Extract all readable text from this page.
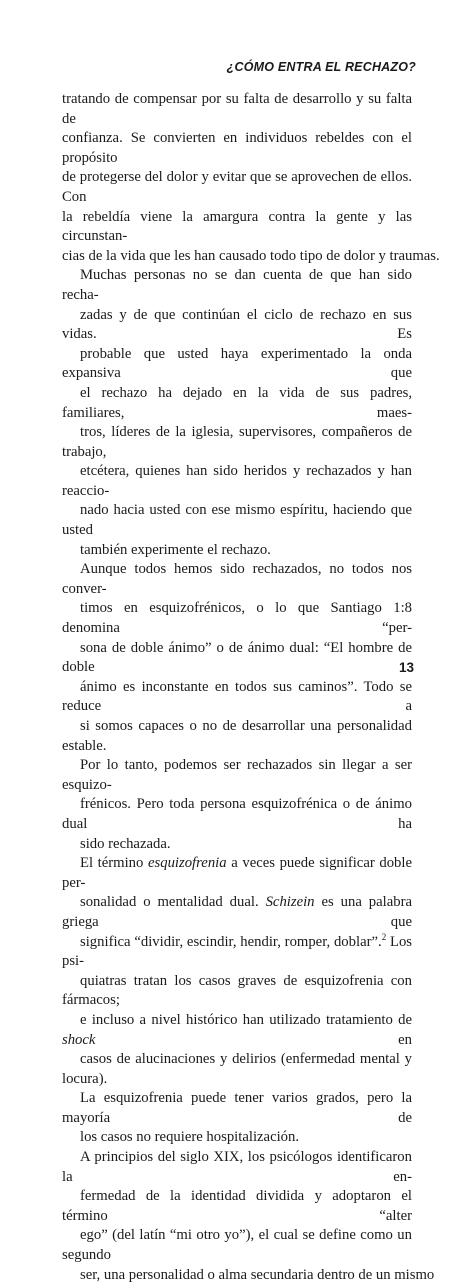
¿CÓMO ENTRA EL RECHAZO?

tratando de compensar por su falta de desarrollo y su falta de
confianza. Se convierten en individuos rebeldes con el propósito
de protegerse del dolor y evitar que se aprovechen de ellos. Con
la rebeldía viene la amargura contra la gente y las circunstan-
cias de la vida que les han causado todo tipo de dolor y traumas.

Muchas personas no se dan cuenta de que han sido recha-
zadas y de que continúan el ciclo de rechazo en sus vidas. Es
probable que usted haya experimentado la onda expansiva que
el rechazo ha dejado en la vida de sus padres, familiares, maes-
tros, líderes de la iglesia, supervisores, compañeros de trabajo,
etcétera, quienes han sido heridos y rechazados y han reaccio-
nado hacia usted con ese mismo espíritu, haciendo que usted
también experimente el rechazo.

Aunque todos hemos sido rechazados, no todos nos conver-
timos en esquizofrénicos, o lo que Santiago 1:8 denomina “per-
sona de doble ánimo” o de ánimo dual: “El hombre de doble
ánimo es inconstante en todos sus caminos”. Todo se reduce a
si somos capaces o no de desarrollar una personalidad estable.
Por lo tanto, podemos ser rechazados sin llegar a ser esquizo-
frénicos. Pero toda persona esquizofrénica o de ánimo dual ha
sido rechazada.

El término esquizofrenia a veces puede significar doble per-
sonalidad o mentalidad dual. Schizein es una palabra griega que
significa “dividir, escindir, hendir, romper, doblar”.$^2$ Los psi-
quiatras tratan los casos graves de esquizofrenia con fármacos;
e incluso a nivel histórico han utilizado tratamiento de shock en
casos de alucinaciones y delirios (enfermedad mental y locura).
La esquizofrenia puede tener varios grados, pero la mayoría de
los casos no requiere hospitalización.

A principios del siglo XIX, los psicólogos identificaron la en-
fermedad de la identidad dividida y adoptaron el término “alter
ego” (del latín “mi otro yo”), el cual se define como un segundo
ser, una personalidad o alma secundaria dentro de un mismo

13
